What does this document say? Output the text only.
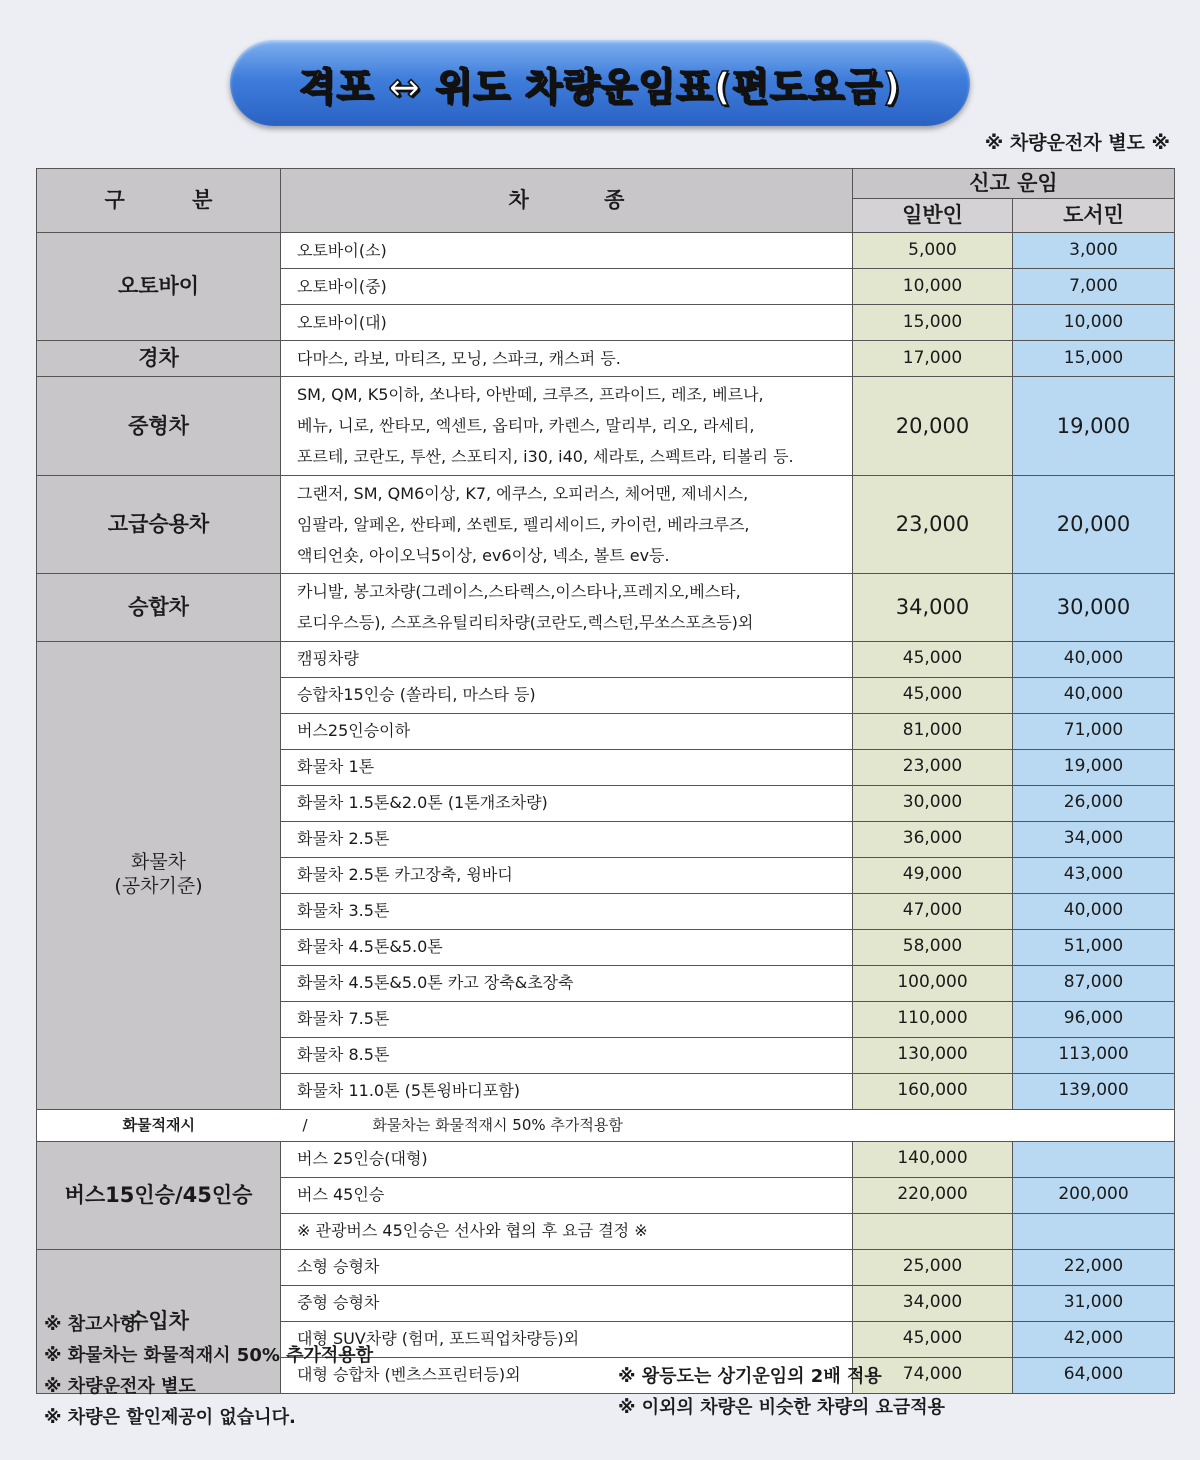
격포 ↔ 위도 차량운임표(편도요금)
※ 차량운전자 별도 ※
구 분	차 종	신고 운임	
		일반인	도서민
오토바이	오토바이(소)	5,000	3,000
	오토바이(중)	10,000	7,000
	오토바이(대)	15,000	10,000
경차	다마스, 라보, 마티즈, 모닝, 스파크, 캐스퍼 등.	17,000	15,000
중형차	SM, QM, K5이하, 쏘나타, 아반떼, 크루즈, 프라이드, 레조, 베르나,
베뉴, 니로, 싼타모, 엑센트, 옵티마, 카렌스, 말리부, 리오, 라세티,
포르테, 코란도, 투싼, 스포티지, i30, i40, 세라토, 스펙트라, 티볼리 등.	20,000	19,000
고급승용차	그랜저, SM, QM6이상, K7, 에쿠스, 오피러스, 체어맨, 제네시스,
임팔라, 알페온, 싼타페, 쏘렌토, 펠리세이드, 카이런, 베라크루즈,
액티언숏, 아이오닉5이상, ev6이상, 넥소, 볼트 ev등.	23,000	20,000
승합차	카니발, 봉고차량(그레이스,스타렉스,이스타나,프레지오,베스타,
로디우스등), 스포츠유틸리티차량(코란도,렉스턴,무쏘스포츠등)외	34,000	30,000

화물차
(공차기준)	캠핑차량	45,000	40,000
	승합차15인승 (쏠라티, 마스타 등)	45,000	40,000
	버스25인승이하	81,000	71,000
	화물차 1톤	23,000	19,000
	화물차 1.5톤&2.0톤 (1톤개조차량)	30,000	26,000
	화물차 2.5톤	36,000	34,000
	화물차 2.5톤 카고장축, 윙바디	49,000	43,000
	화물차 3.5톤	47,000	40,000
	화물차 4.5톤&5.0톤	58,000	51,000
	화물차 4.5톤&5.0톤 카고 장축&초장축	100,000	87,000
	화물차 7.5톤	110,000	96,000
	화물차 8.5톤	130,000	113,000
	화물차 11.0톤 (5톤윙바디포함)	160,000	139,000
화물적재시	/ 화물차는 화물적재시 50% 추가적용함		
버스15인승/45인승	버스 25인승(대형)	140,000	
	버스 45인승	220,000	200,000
	※ 관광버스 45인승은 선사와 협의 후 요금 결정 ※		
수입차	소형 승형차	25,000	22,000
	중형 승형차	34,000	31,000
	대형 SUV차량 (험머, 포드픽업차량등)외	45,000	42,000
	대형 승합차 (벤츠스프린터등)외	74,000	64,000
※ 참고사항
※ 화물차는 화물적재시 50% 추가적용함
※ 차량운전자 별도
※ 차량은 할인제공이 없습니다.
※ 왕등도는 상기운임의 2배 적용
※ 이외의 차량은 비슷한 차량의 요금적용
